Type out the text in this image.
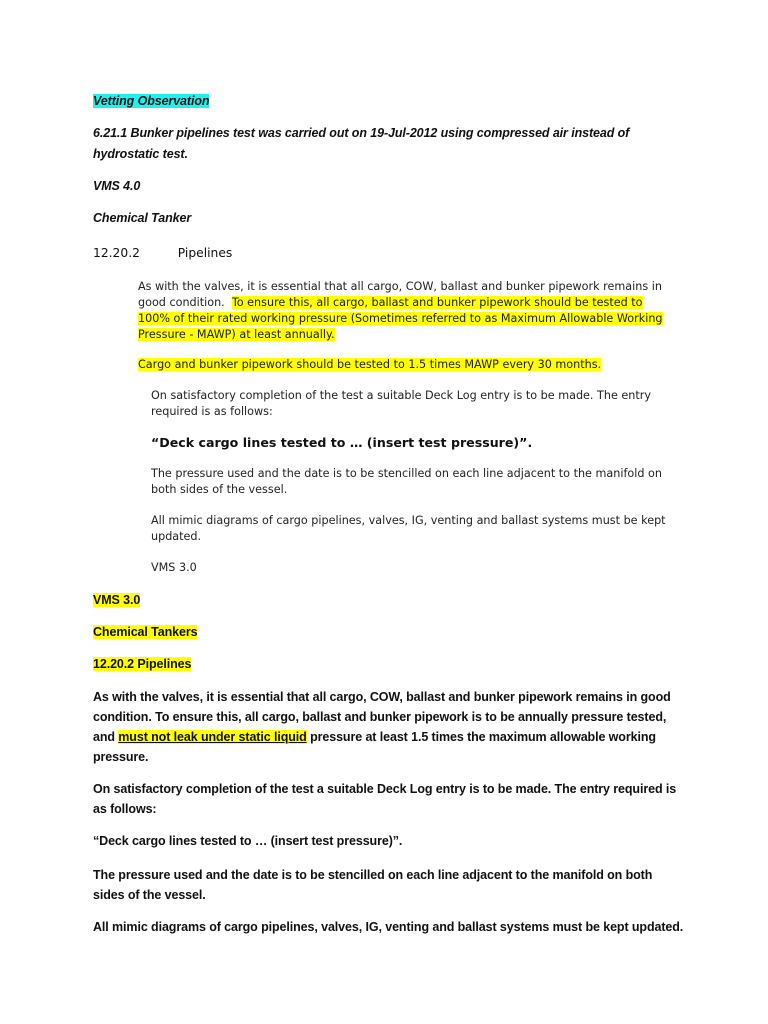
Vetting Observation
6.21.1 Bunker pipelines test was carried out on 19-Jul-2012 using compressed air instead of
hydrostatic test.
VMS 4.0
Chemical Tanker
12.20.2	Pipelines
As with the valves, it is essential that all cargo, COW, ballast and bunker pipework remains in
good condition.  To ensure this, all cargo, ballast and bunker pipework should be tested to
100% of their rated working pressure (Sometimes referred to as Maximum Allowable Working
Pressure - MAWP) at least annually.
Cargo and bunker pipework should be tested to 1.5 times MAWP every 30 months.
On satisfactory completion of the test a suitable Deck Log entry is to be made. The entry
required is as follows:
“Deck cargo lines tested to … (insert test pressure)”.
The pressure used and the date is to be stencilled on each line adjacent to the manifold on
both sides of the vessel.
All mimic diagrams of cargo pipelines, valves, IG, venting and ballast systems must be kept
updated.
VMS 3.0
VMS 3.0
Chemical Tankers
12.20.2 Pipelines
As with the valves, it is essential that all cargo, COW, ballast and bunker pipework remains in good
condition. To ensure this, all cargo, ballast and bunker pipework is to be annually pressure tested,
and must not leak under static liquid pressure at least 1.5 times the maximum allowable working
pressure.
On satisfactory completion of the test a suitable Deck Log entry is to be made. The entry required is
as follows:
“Deck cargo lines tested to … (insert test pressure)”.
The pressure used and the date is to be stencilled on each line adjacent to the manifold on both
sides of the vessel.
All mimic diagrams of cargo pipelines, valves, IG, venting and ballast systems must be kept updated.
